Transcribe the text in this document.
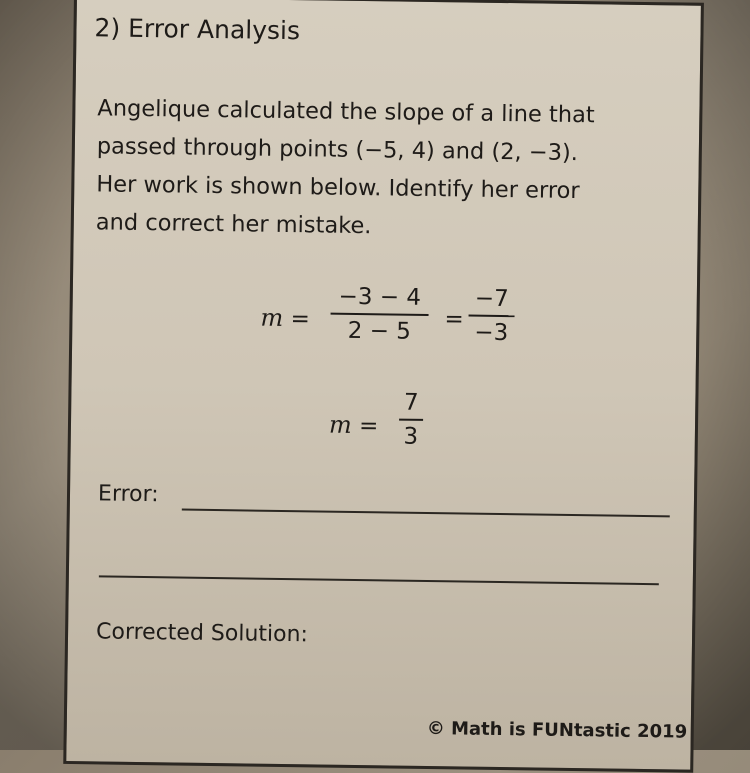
2) Error Analysis
Angelique calculated the slope of a line that
passed through points (−5, 4) and (2, −3).
Her work is shown below. Identify her error
and correct her mistake.
m =
−3 − 4
2 − 5	=
−7
−3
m =
7
3
Error:
Corrected Solution:
© Math is FUNtastic 2019
